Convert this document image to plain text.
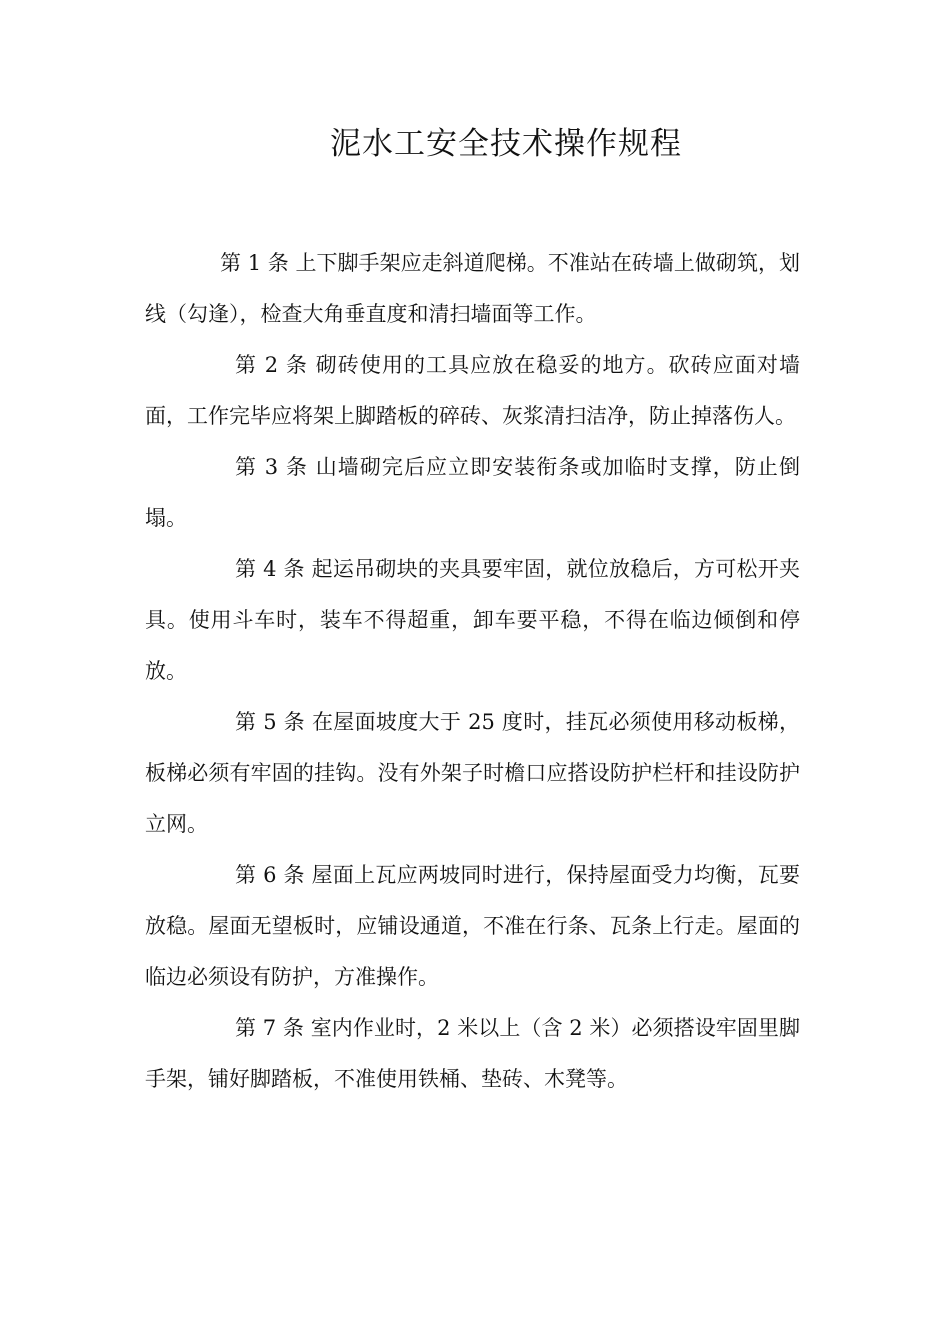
泥水工安全技术操作规程

第 1 条 上下脚手架应走斜道爬梯。不准站在砖墙上做砌筑，划线（勾逢），检查大角垂直度和清扫墙面等工作。

第 2 条 砌砖使用的工具应放在稳妥的地方。砍砖应面对墙面，工作完毕应将架上脚踏板的碎砖、灰浆清扫洁净，防止掉落伤人。

第 3 条 山墙砌完后应立即安装衔条或加临时支撑，防止倒塌。

第 4 条 起运吊砌块的夹具要牢固，就位放稳后，方可松开夹具。使用斗车时，装车不得超重，卸车要平稳，不得在临边倾倒和停放。

第 5 条 在屋面坡度大于 25 度时，挂瓦必须使用移动板梯，板梯必须有牢固的挂钩。没有外架子时檐口应搭设防护栏杆和挂设防护立网。

第 6 条 屋面上瓦应两坡同时进行，保持屋面受力均衡，瓦要放稳。屋面无望板时，应铺设通道，不准在行条、瓦条上行走。屋面的临边必须设有防护，方准操作。

第 7 条 室内作业时，2 米以上（含 2 米）必须搭设牢固里脚手架，铺好脚踏板，不准使用铁桶、垫砖、木凳等。
